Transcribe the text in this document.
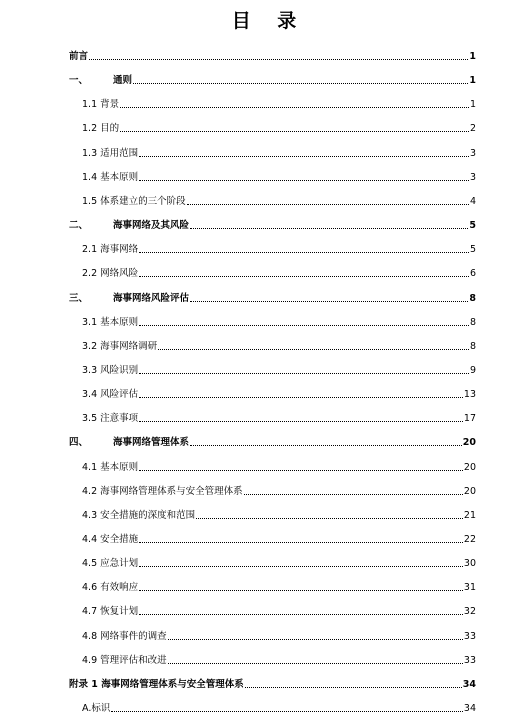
目    录
前言	1
一、	通则	1
1.1 背景	1
1.2 目的	2
1.3 适用范围	3
1.4 基本原则	3
1.5 体系建立的三个阶段	4
二、	海事网络及其风险	5
2.1 海事网络	5
2.2 网络风险	6
三、	海事网络风险评估	8
3.1 基本原则	8
3.2 海事网络调研	8
3.3 风险识别	9
3.4 风险评估	13
3.5 注意事项	17
四、	海事网络管理体系	20
4.1 基本原则	20
4.2 海事网络管理体系与安全管理体系	20
4.3 安全措施的深度和范围	21
4.4 安全措施	22
4.5 应急计划	30
4.6 有效响应	31
4.7 恢复计划	32
4.8 网络事件的调查	33
4.9 管理评估和改进	33
附录 1 海事网络管理体系与安全管理体系	34
A.标识	34
